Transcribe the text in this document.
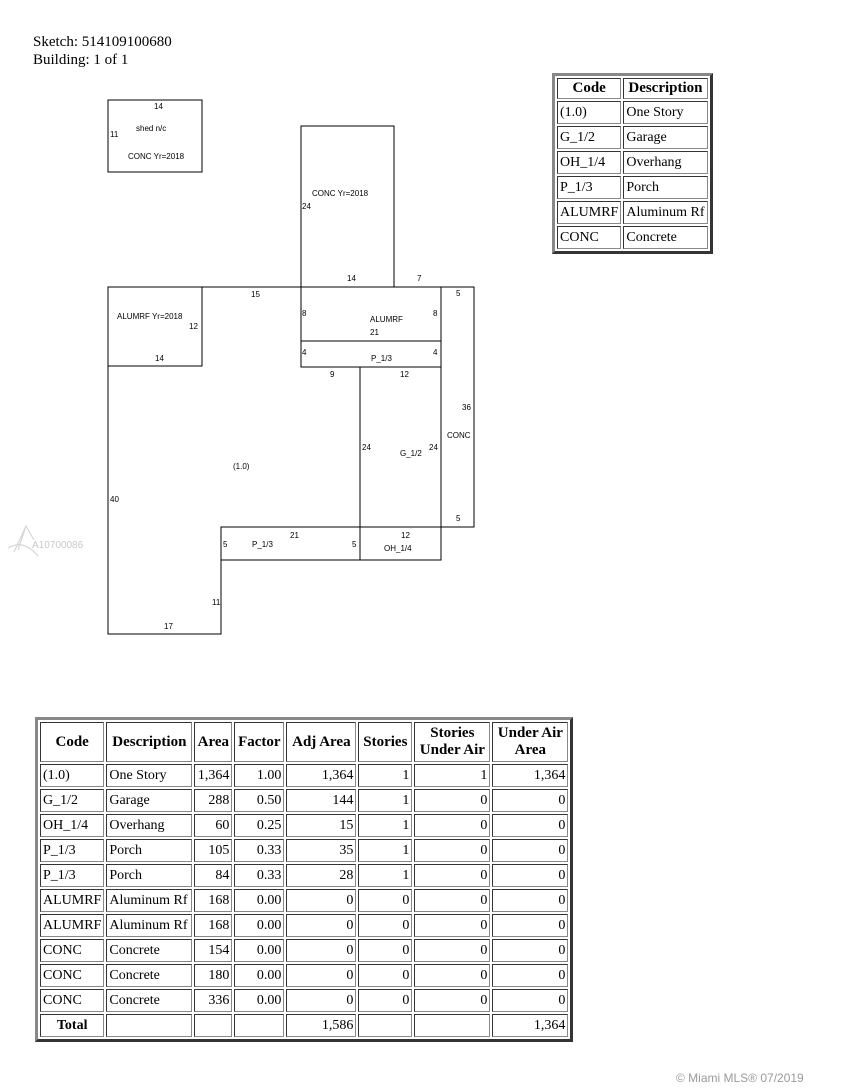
Sketch: 514109100680
Building: 1 of 1
14
11
shed n/c
CONC Yr=2018
CONC Yr=2018
24
14	7
15
ALUMRF Yr=2018
12
14
8
ALUMRF
21
8
5
4
P_1/3
4
9	12
36
CONC
24
G_1/2
24
(1.0)
40
5
21	12
5	P_1/3	5	OH_1/4
11
17
Code	Description
(1.0)	One Story
G_1/2	Garage
OH_1/4	Overhang
P_1/3	Porch
ALUMRF	Aluminum Rf
CONC	Concrete
Code	Description	Area	Factor	Adj Area	Stories	Stories Under Air	Under Air Area
(1.0)	One Story	1,364	1.00	1,364	1	1	1,364
G_1/2	Garage	288	0.50	144	1	0	0
OH_1/4	Overhang	60	0.25	15	1	0	0
P_1/3	Porch	105	0.33	35	1	0	0
P_1/3	Porch	84	0.33	28	1	0	0
ALUMRF	Aluminum Rf	168	0.00	0	0	0	0
ALUMRF	Aluminum Rf	168	0.00	0	0	0	0
CONC	Concrete	154	0.00	0	0	0	0
CONC	Concrete	180	0.00	0	0	0	0
CONC	Concrete	336	0.00	0	0	0	0
Total				1,586			1,364
A10700086
© Miami MLS® 07/2019
